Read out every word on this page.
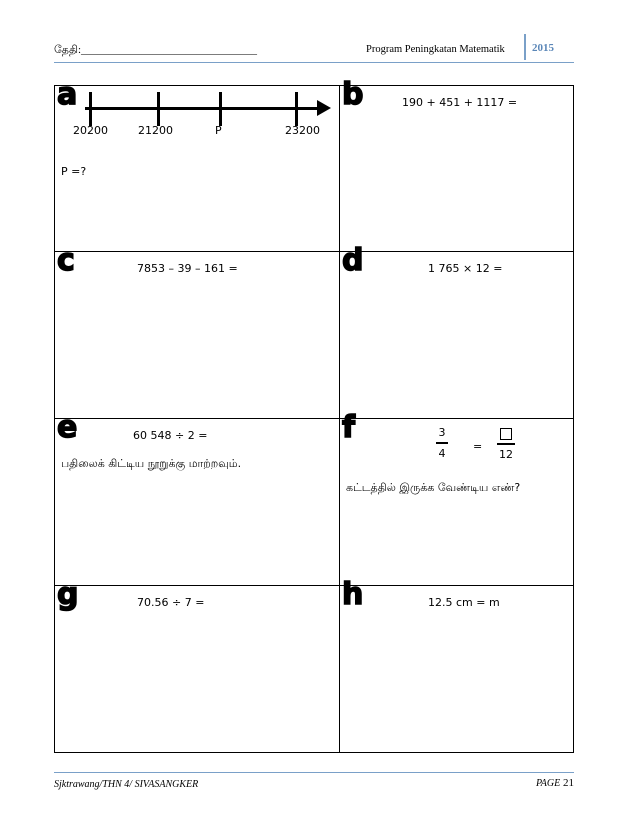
தேதி:________________________________	Program Peningkatan Matematik 2015
a
20200	21200	P	23200
P =?
b	190 + 451 + 1117 =
c	7853 – 39 – 161 =	d	1 765 × 12 =
e	60 548 ÷ 2 =
பதிலைக் கிட்டிய நூறுக்கு மாற்றவும்.
f	3
4	=
12
கட்டத்தில் இருக்க வேண்டிய எண்?
g	70.56 ÷ 7 =	h	12.5 cm = m
Sjktrawang/THN 4/ SIVASANGKER	PAGE 21
